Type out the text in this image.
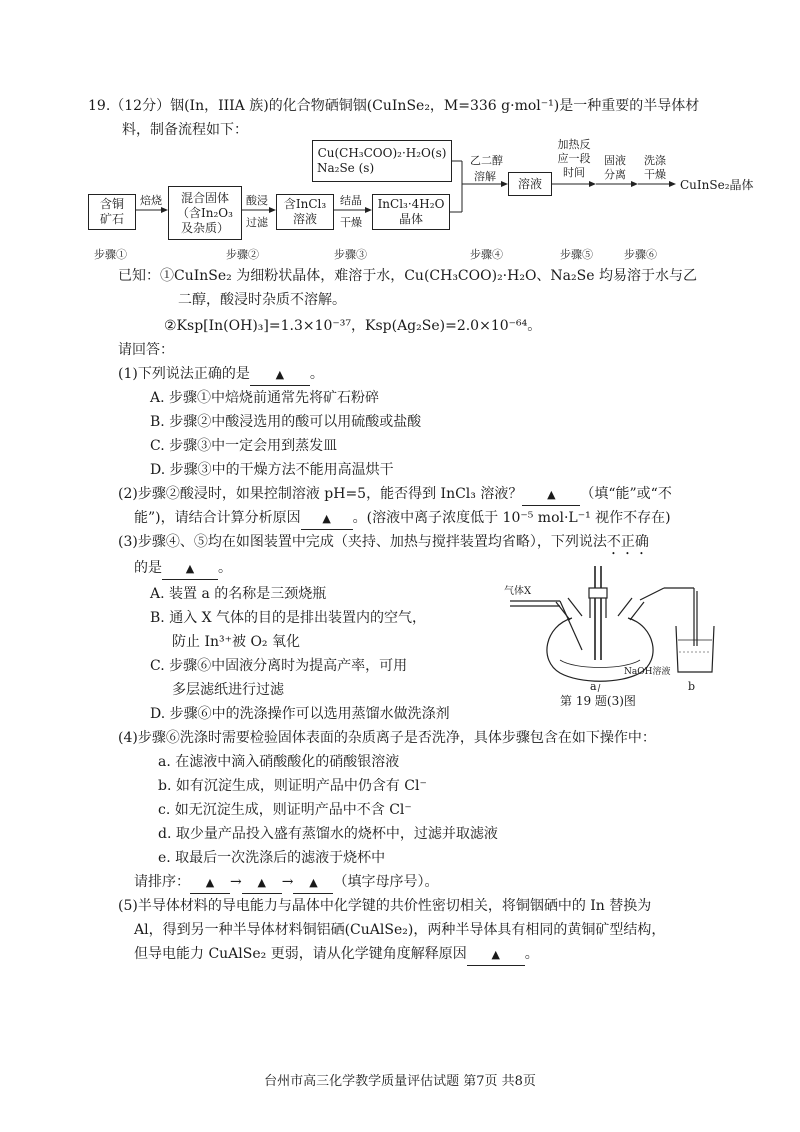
19.（12分）铟(In，IIIA 族)的化合物硒铜铟(CuInSe₂，M=336 g·mol⁻¹)是一种重要的半导体材
料，制备流程如下：
Cu(CH₃COO)₂·H₂O(s)
Na₂Se (s)
含铜
矿石
焙烧 混合固体
（含In₂O₃
及杂质）
酸浸
过滤
含InCl₃
溶液
结晶
干燥
InCl₃·4H₂O
晶体
乙二醇
溶解 溶液
加热反
应一段
时间
固液
分离
洗涤
干燥
CuInSe₂晶体
步骤①	步骤②	步骤③	步骤④	步骤⑤	步骤⑥
已知：①CuInSe₂ 为细粉状晶体，难溶于水，Cu(CH₃COO)₂·H₂O、Na₂Se 均易溶于水与乙
二醇，酸浸时杂质不溶解。
②Ksp[In(OH)₃]=1.3×10⁻³⁷，Ksp(Ag₂Se)=2.0×10⁻⁶⁴。
请回答：
(1)下列说法正确的是 ▲ 。
A. 步骤①中焙烧前通常先将矿石粉碎
B. 步骤②中酸浸选用的酸可以用硫酸或盐酸
C. 步骤③中一定会用到蒸发皿
D. 步骤③中的干燥方法不能用高温烘干
(2)步骤②酸浸时，如果控制溶液 pH=5，能否得到 InCl₃ 溶液？ ▲ （填“能”或“不
能”)，请结合计算分析原因 ▲ 。(溶液中离子浓度低于 10⁻⁵ mol·L⁻¹ 视作不存在)
(3)步骤④、⑤均在如图装置中完成（夹持、加热与搅拌装置均省略），下列说法不正确
的是 ▲ 。
A. 装置 a 的名称是三颈烧瓶
B. 通入 X 气体的目的是排出装置内的空气，
防止 In³⁺被 O₂ 氧化
C. 步骤⑥中固液分离时为提高产率，可用
多层滤纸进行过滤
D. 步骤⑥中的洗涤操作可以选用蒸馏水做洗涤剂
气体X
NaOH溶液
a	b
第 19 题(3)图
(4)步骤⑥洗涤时需要检验固体表面的杂质离子是否洗净，具体步骤包含在如下操作中：
a. 在滤液中滴入硝酸酸化的硝酸银溶液
b. 如有沉淀生成，则证明产品中仍含有 Cl⁻
c. 如无沉淀生成，则证明产品中不含 Cl⁻
d. 取少量产品投入盛有蒸馏水的烧杯中，过滤并取滤液
e. 取最后一次洗涤后的滤液于烧杯中
请排序： ▲ → ▲ → ▲ （填字母序号）。
(5)半导体材料的导电能力与晶体中化学键的共价性密切相关，将铜铟硒中的 In 替换为
Al，得到另一种半导体材料铜铝硒(CuAlSe₂)，两种半导体具有相同的黄铜矿型结构，
但导电能力 CuAlSe₂ 更弱，请从化学键角度解释原因 ▲ 。
台州市高三化学教学质量评估试题 第7页 共8页
